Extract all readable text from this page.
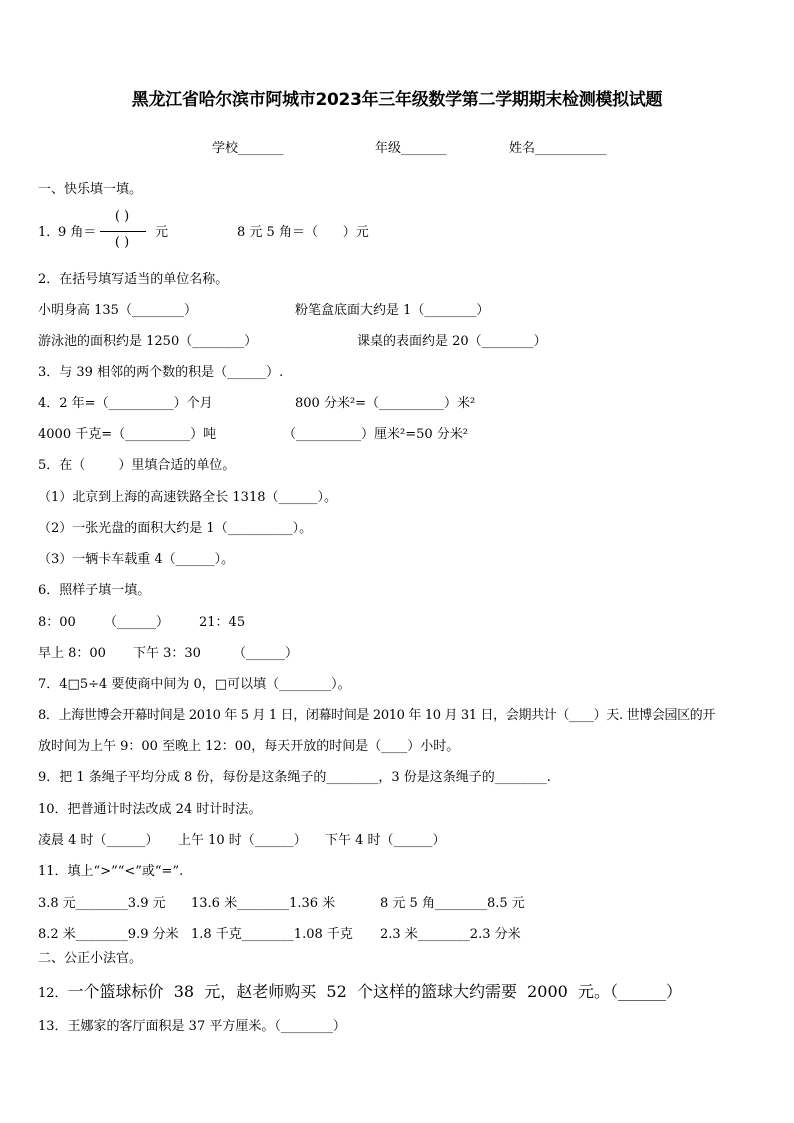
黑龙江省哈尔滨市阿城市2023年三年级数学第二学期期末检测模拟试题
学校_______	年级_______	姓名___________
一、快乐填一填。
1．
9 角＝
( )
( )
元	8 元 5 角＝（      ）元
2．在括号填写适当的单位名称。
小明身高 135（________）	粉笔盒底面大约是 1（________）
游泳池的面积约是 1250（________）	课桌的表面约是 20（________）
3．与 39 相邻的两个数的积是（______）.
4．2 年=（__________）个月	800 分米²=（__________）米²
4000 千克=（__________）吨	（__________）厘米²=50 分米²
5．在（        ）里填合适的单位。
（1）北京到上海的高速铁路全长 1318（______）。
（2）一张光盘的面积大约是 1（__________）。
（3）一辆卡车载重 4（______）。
6．照样子填一填。
8：00 （______） 21：45
早上 8：00 下午 3：30 （______）
7．4□5÷4 要使商中间为 0，□可以填（________）。
8．上海世博会开幕时间是 2010 年 5 月 1 日，闭幕时间是 2010 年 10 月 31 日，会期共计（____）天. 世博会园区的开
放时间为上午 9：00 至晚上 12：00，每天开放的时间是（____）小时。
9．把 1 条绳子平均分成 8 份，每份是这条绳子的________，3 份是这条绳子的________.
10．把普通计时法改成 24 时计时法。
凌晨 4 时（______） 上午 10 时（______） 下午 4 时（______）
11．填上“>”“<”或“=”.
3.8 元________3.9 元 13.6 米________1.36 米	8 元 5 角________8.5 元
8.2 米________9.9 分米 1.8 千克________1.08 千克 2.3 米________2.3 分米
二、公正小法官。
12．一个篮球标价  38  元，赵老师购买  52  个这样的篮球大约需要  2000  元。（______）
13．王娜家的客厅面积是 37 平方厘米。（________）
